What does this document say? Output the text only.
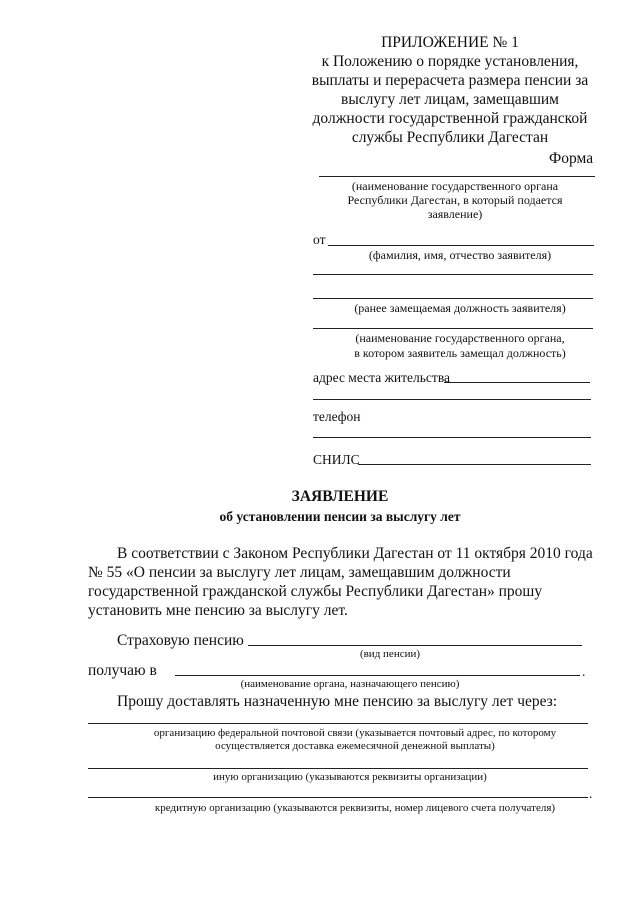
ПРИЛОЖЕНИЕ № 1
к Положению о порядке установления,
выплаты и перерасчета размера пенсии за
выслугу лет лицам, замещавшим
должности государственной гражданской
службы Республики Дагестан
Форма
(наименование государственного органа
Республики Дагестан, в который подается
заявление)
от
(фамилия, имя, отчество заявителя)
(ранее замещаемая должность заявителя)
(наименование государственного органа,
в котором заявитель замещал должность)
адрес места жительства
телефон
СНИЛС
ЗАЯВЛЕНИЕ
об установлении пенсии за выслугу лет
В соответствии с Законом Республики Дагестан от 11 октября 2010 года
№ 55 «О пенсии за выслугу лет лицам, замещавшим должности
государственной гражданской службы Республики Дагестан» прошу
установить мне пенсию за выслугу лет.
Страховую пенсию
(вид пенсии)
получаю в	.
(наименование органа, назначающего пенсию)
Прошу доставлять назначенную мне пенсию за выслугу лет через:
организацию федеральной почтовой связи (указывается почтовый адрес, по которому
осуществляется доставка ежемесячной денежной выплаты)
иную организацию (указываются реквизиты организации)
.
кредитную организацию (указываются реквизиты, номер лицевого счета получателя)
